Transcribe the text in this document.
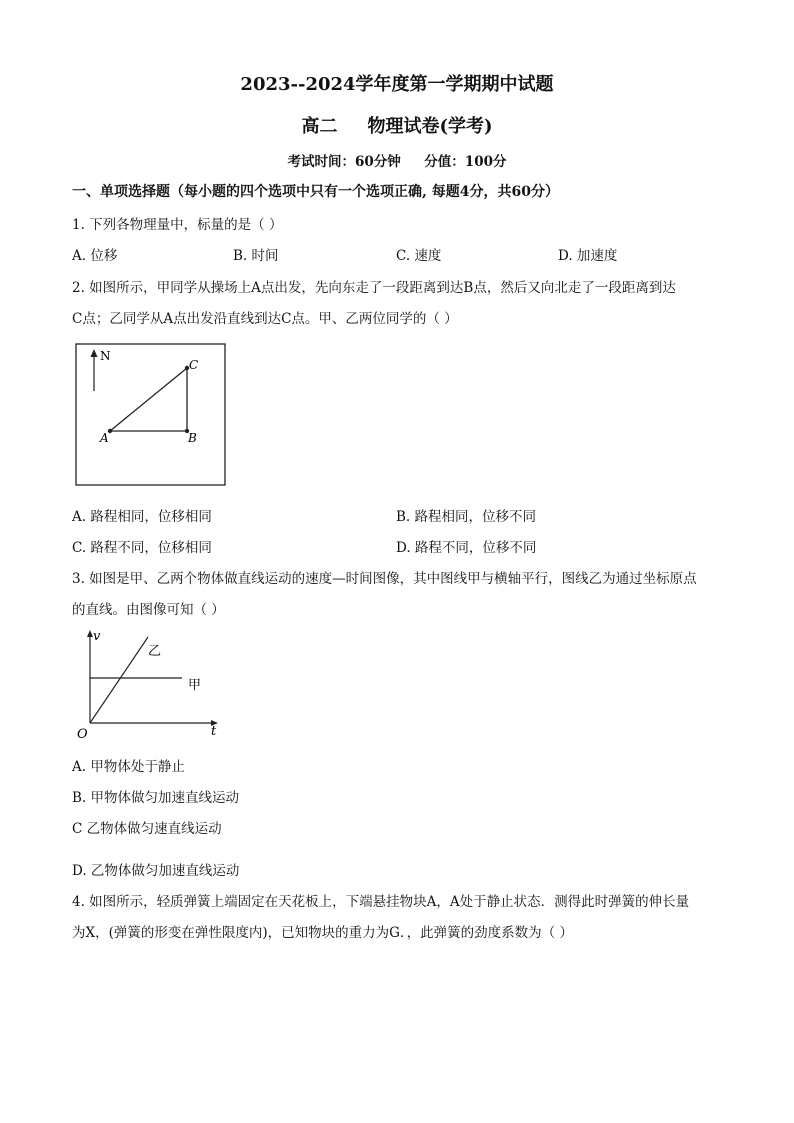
2023--2024学年度第一学期期中试题
高二 物理试卷(学考)
考试时间：60分钟     分值：100分
一、单项选择题（每小题的四个选项中只有一个选项正确, 每题4分，共60分）
1. 下列各物理量中，标量的是（ ）
A. 位移	B. 时间	C. 速度	D. 加速度
2. 如图所示，甲同学从操场上A点出发，先向东走了一段距离到达B点，然后又向北走了一段距离到达
C点；乙同学从A点出发沿直线到达C点。甲、乙两位同学的（ ）
N
A	B
C
A. 路程相同，位移相同	B. 路程相同，位移不同
C. 路程不同，位移相同	D. 路程不同，位移不同
3. 如图是甲、乙两个物体做直线运动的速度—时间图像，其中图线甲与横轴平行，图线乙为通过坐标原点
的直线。由图像可知（ ）
v
t
O
甲
乙
A. 甲物体处于静止
B. 甲物体做匀加速直线运动
C 乙物体做匀速直线运动
D. 乙物体做匀加速直线运动
4. 如图所示，轻质弹簧上端固定在天花板上，下端悬挂物块A，A处于静止状态．测得此时弹簧的伸长量
为X，(弹簧的形变在弹性限度内)，已知物块的重力为G．，此弹簧的劲度系数为（ ）
